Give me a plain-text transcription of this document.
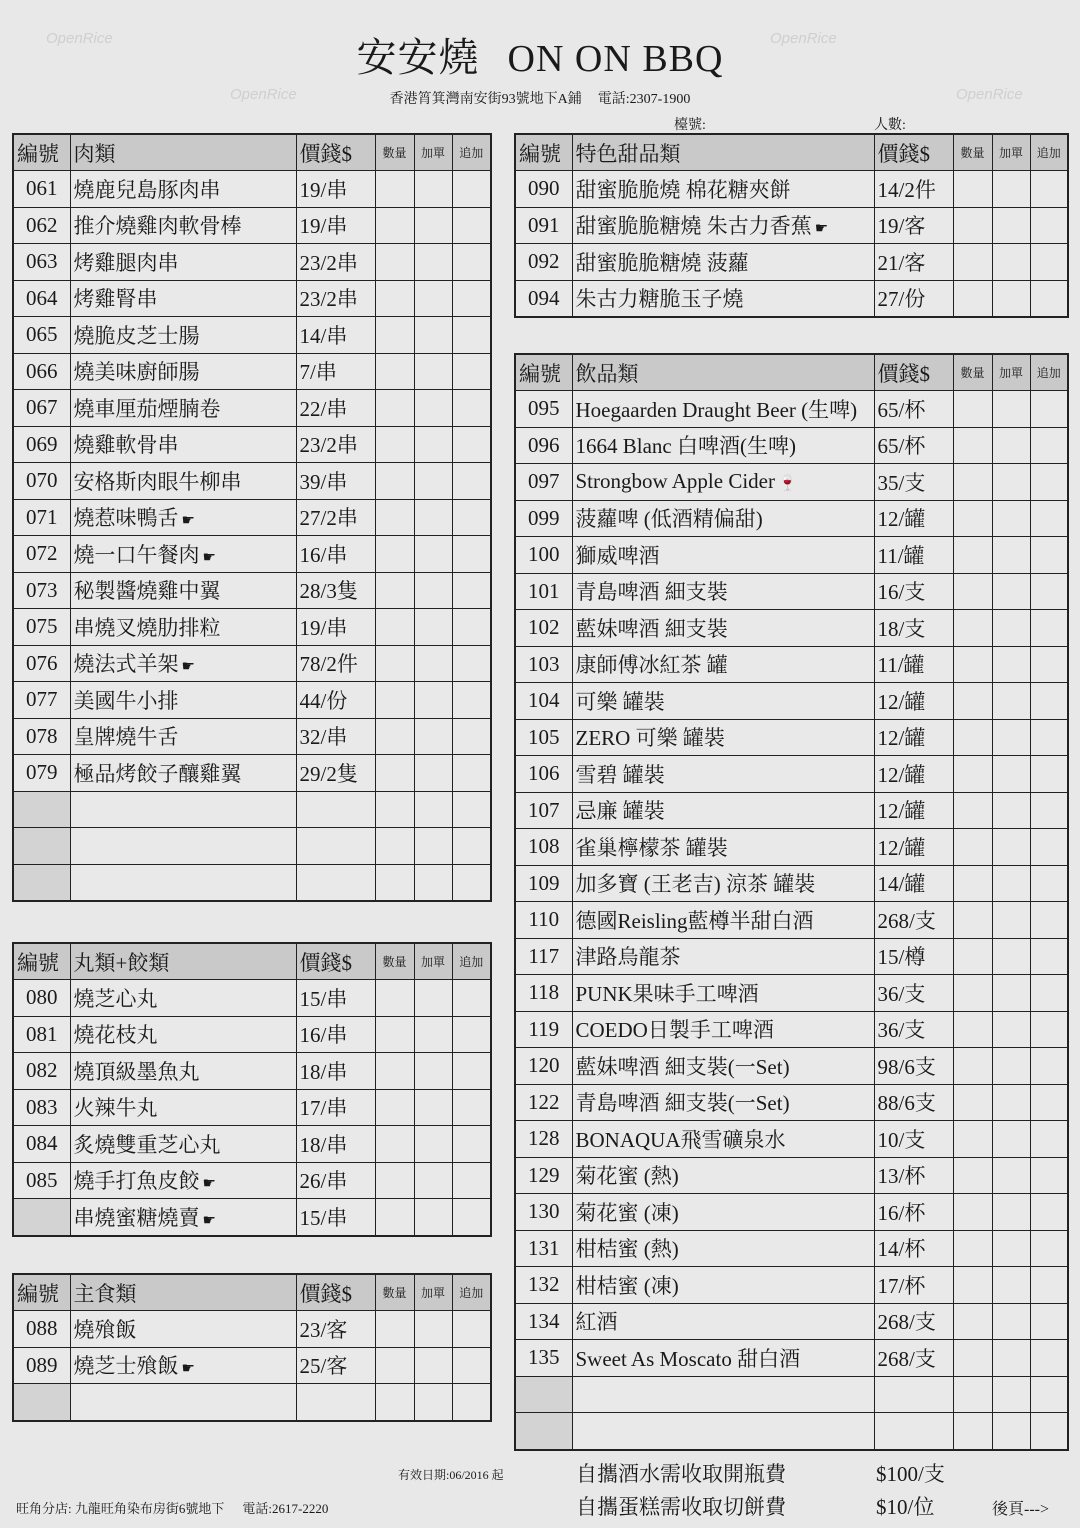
安安燒 ON ON BBQ
香港筲箕灣南安街93號地下A鋪 電話:2307-1900
檯號:	人數:
OpenRice	OpenRice
OpenRice	OpenRice
編號	肉類	價錢$	數量	加單	追加
061	燒鹿兒島豚肉串	19/串			
062	推介燒雞肉軟骨棒	19/串			
063	烤雞腿肉串	23/2串			
064	烤雞腎串	23/2串			
065	燒脆皮芝士腸	14/串			
066	燒美味廚師腸	7/串			
067	燒車厘茄煙腩卷	22/串			
069	燒雞軟骨串	23/2串			
070	安格斯肉眼牛柳串	39/串			
071	燒惹味鴨舌 ☛	27/2串			
072	燒一口午餐肉 ☛	16/串			
073	秘製醬燒雞中翼	28/3隻			
075	串燒叉燒肋排粒	19/串			
076	燒法式羊架 ☛	78/2件			
077	美國牛小排	44/份			
078	皇牌燒牛舌	32/串			
079	極品烤餃子釀雞翼	29/2隻			

編號	丸類+餃類	價錢$	數量	加單	追加
080	燒芝心丸	15/串			
081	燒花枝丸	16/串			
082	燒頂級墨魚丸	18/串			
083	火辣牛丸	17/串			
084	炙燒雙重芝心丸	18/串			
085	燒手打魚皮餃 ☛	26/串			
	串燒蜜糖燒賣 ☛	15/串			
編號	主食類	價錢$	數量	加單	追加
088	燒飱飯	23/客			
089	燒芝士飱飯 ☛	25/客			

編號	特色甜品類	價錢$	數量	加單	追加
090	甜蜜脆脆燒 棉花糖夾餅	14/2件			
091	甜蜜脆脆糖燒 朱古力香蕉 ☛	19/客			
092	甜蜜脆脆糖燒 菠蘿	21/客			
094	朱古力糖脆玉子燒	27/份			
編號	飲品類	價錢$	數量	加單	追加
095	Hoegaarden Draught Beer (生啤)	65/杯			
096	1664 Blanc 白啤酒(生啤)	65/杯			
097	Strongbow Apple Cider 🍷	35/支			
099	菠蘿啤 (低酒精偏甜)	12/罐			
100	獅威啤酒	11/罐			
101	青島啤酒 細支裝	16/支			
102	藍妹啤酒 細支裝	18/支			
103	康師傅冰紅茶 罐	11/罐			
104	可樂 罐裝	12/罐			
105	ZERO 可樂 罐裝	12/罐			
106	雪碧 罐裝	12/罐			
107	忌廉 罐裝	12/罐			
108	雀巢檸檬茶 罐裝	12/罐			
109	加多寶 (王老吉) 涼茶 罐裝	14/罐			
110	德國Reisling藍樽半甜白酒	268/支			
117	津路烏龍茶	15/樽			
118	PUNK果味手工啤酒	36/支			
119	COEDO日製手工啤酒	36/支			
120	藍妹啤酒 細支裝(一Set)	98/6支			
122	青島啤酒 細支裝(一Set)	88/6支			
128	BONAQUA飛雪礦泉水	10/支			
129	菊花蜜 (熱)	13/杯			
130	菊花蜜 (凍)	16/杯			
131	柑桔蜜 (熱)	14/杯			
132	柑桔蜜 (凍)	17/杯			
134	紅酒	268/支			
135	Sweet As Moscato 甜白酒	268/支			

有效日期:06/2016 起	自攜酒水需收取開瓶費	$100/支
自攜蛋糕需收取切餅費	$10/位
旺角分店: 九龍旺角染布房街6號地下 電話:2617-2220	後頁--->
